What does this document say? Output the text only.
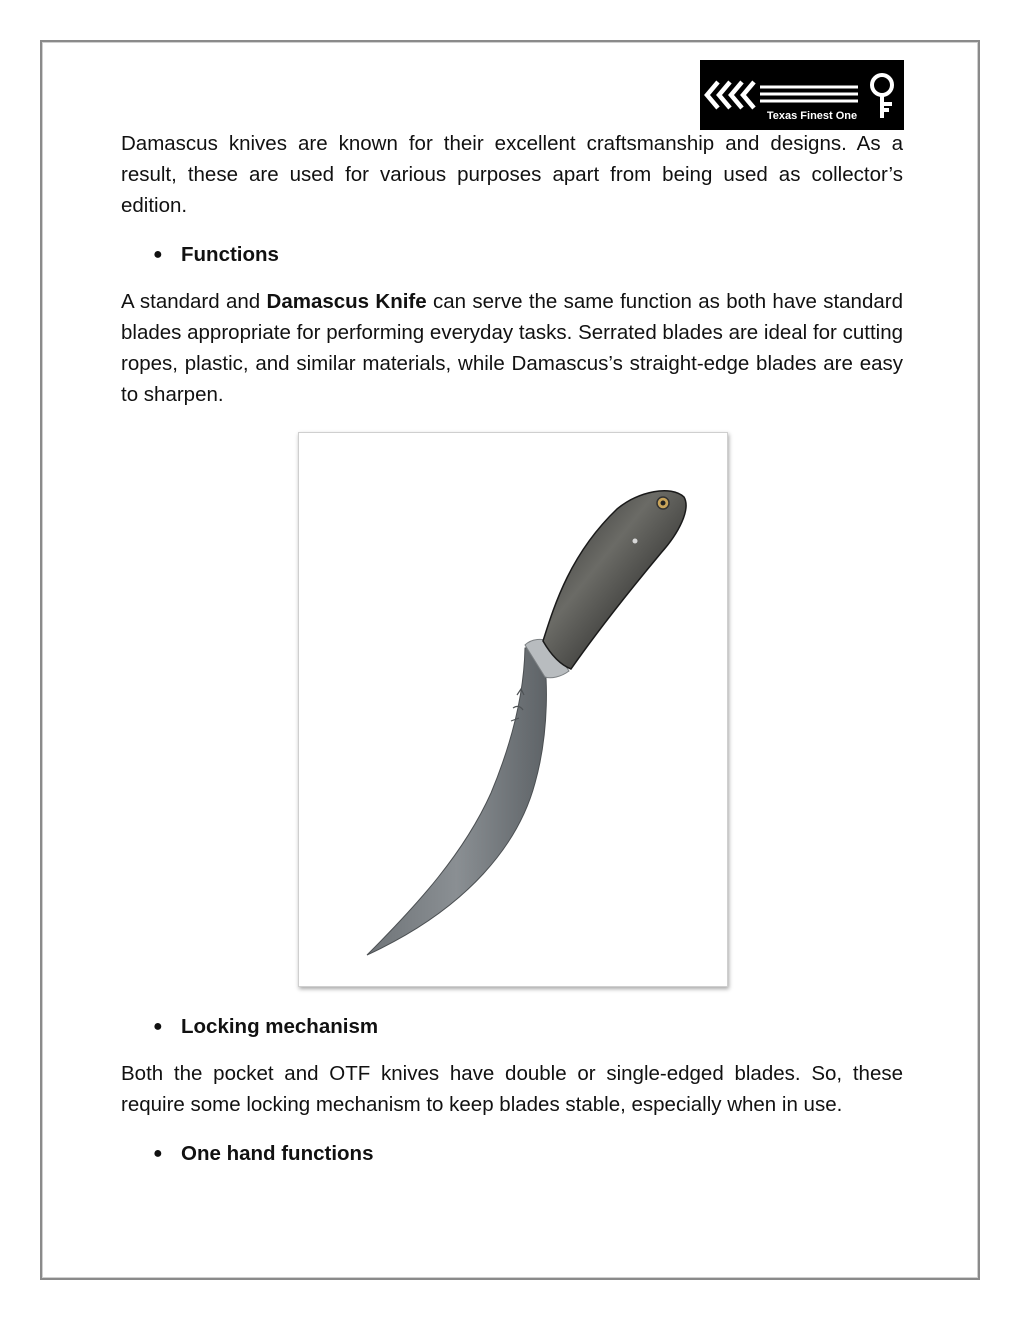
Texas Finest One

Damascus knives are known for their excellent craftsmanship and designs. As a result, these are used for various purposes apart from being used as collector’s edition.

● Functions

A standard and Damascus Knife can serve the same function as both have standard blades appropriate for performing everyday tasks. Serrated blades are ideal for cutting ropes, plastic, and similar materials, while Damascus’s straight-edge blades are easy to sharpen.

● Locking mechanism

Both the pocket and OTF knives have double or single-edged blades. So, these require some locking mechanism to keep blades stable, especially when in use.

● One hand functions
